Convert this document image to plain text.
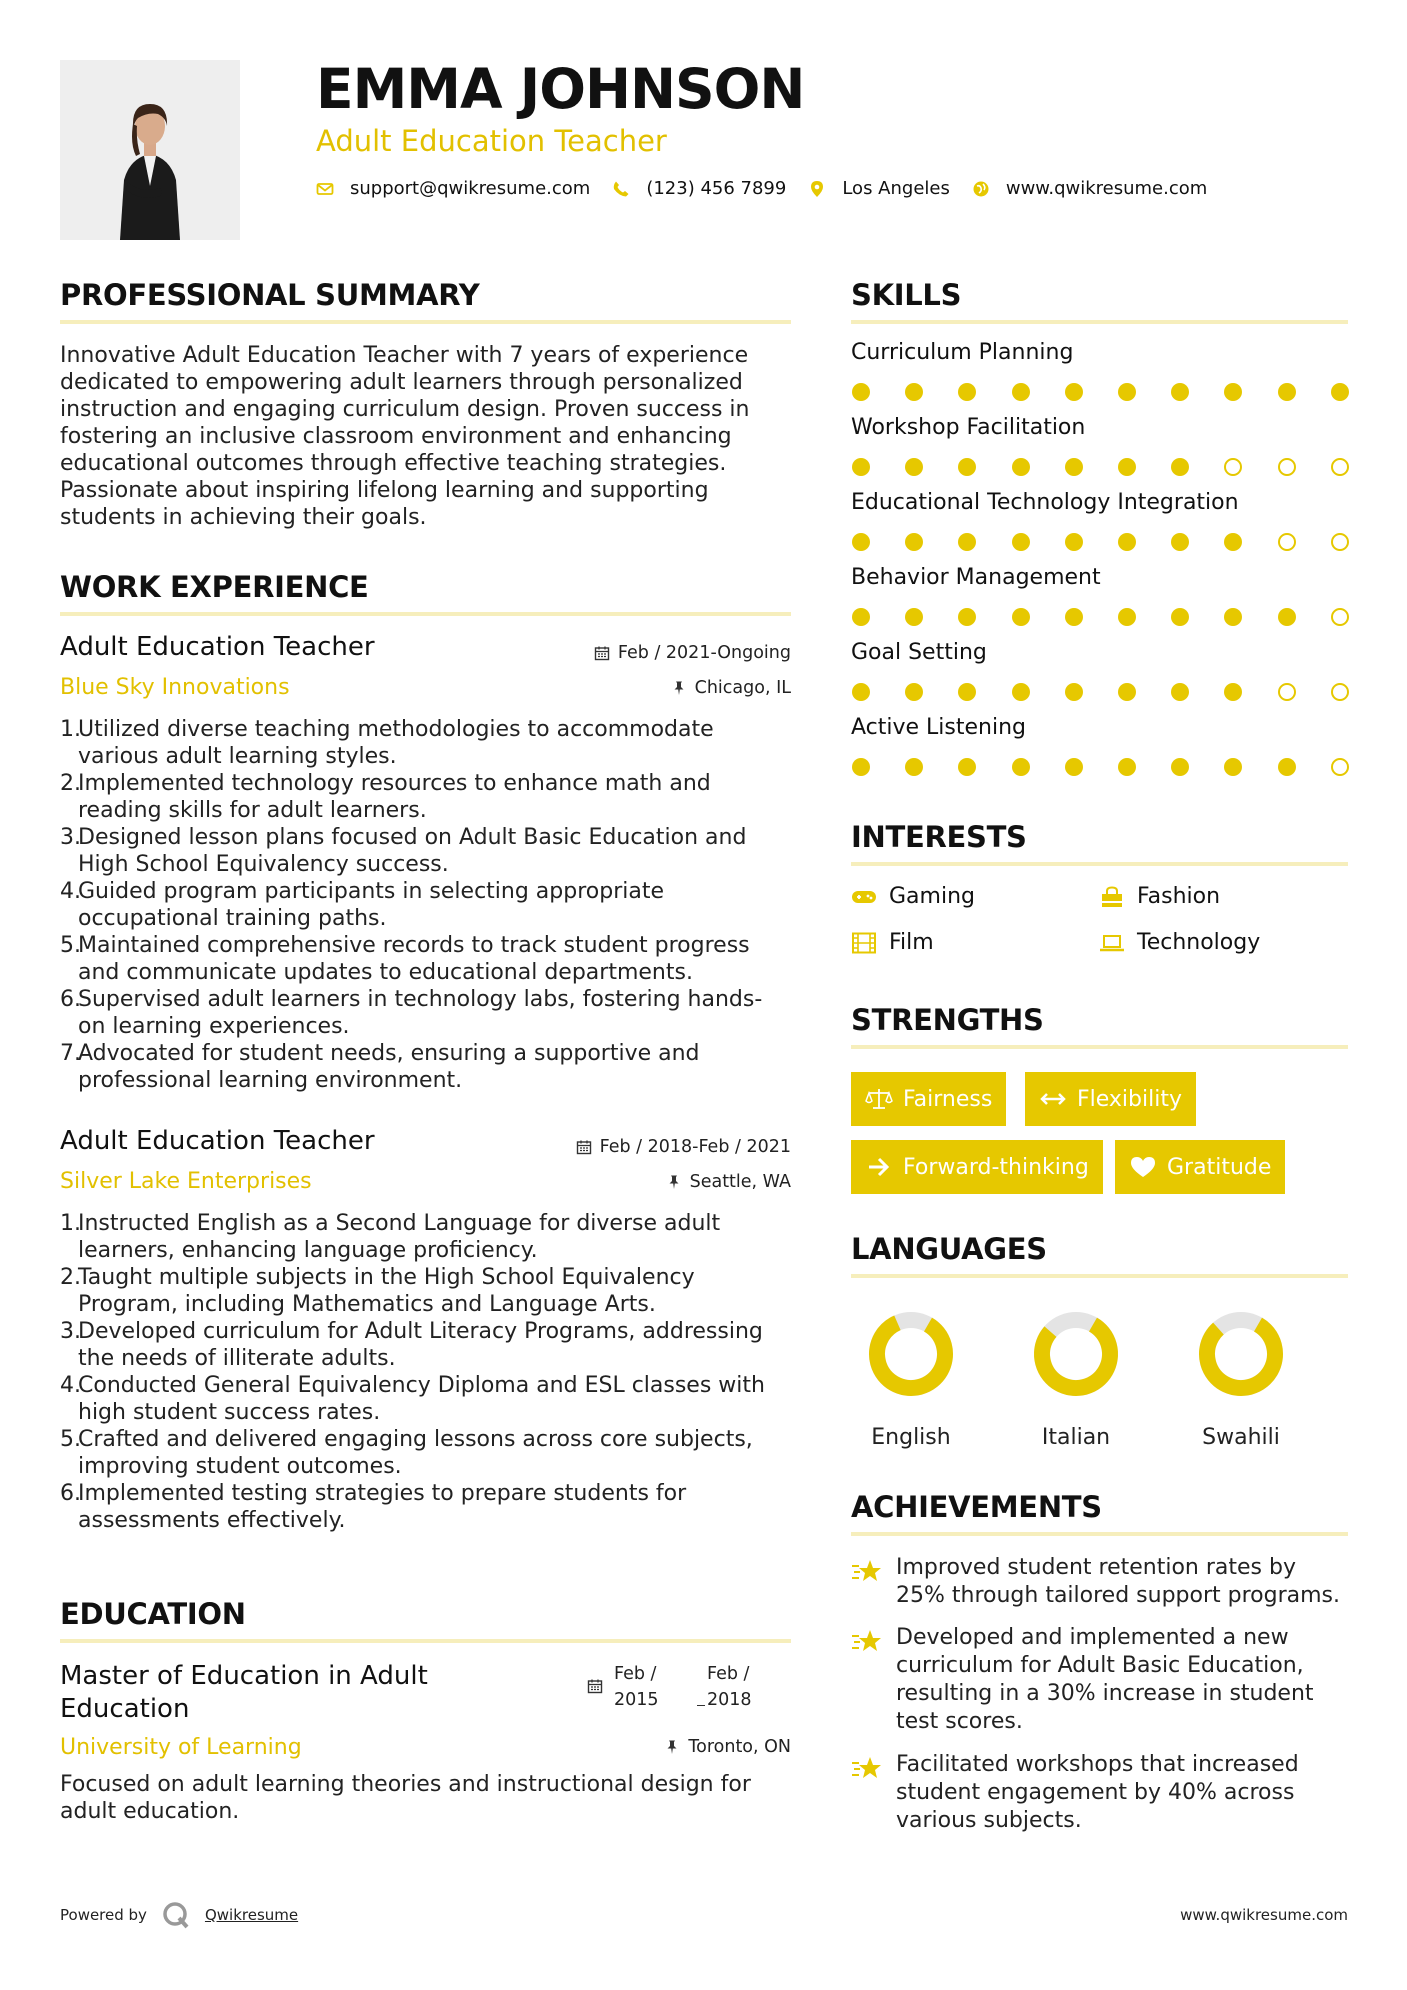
EMMA JOHNSON
Adult Education Teacher
support@qwikresume.com	(123) 456 7899	Los Angeles	www.qwikresume.com
PROFESSIONAL SUMMARY
Innovative Adult Education Teacher with 7 years of experience
dedicated to empowering adult learners through personalized
instruction and engaging curriculum design. Proven success in
fostering an inclusive classroom environment and enhancing
educational outcomes through effective teaching strategies.
Passionate about inspiring lifelong learning and supporting
students in achieving their goals.
WORK EXPERIENCE
Adult Education Teacher	Feb / 2021-Ongoing
Blue Sky Innovations	Chicago, IL
1.
Utilized diverse teaching methodologies to accommodate
various adult learning styles.
2.
Implemented technology resources to enhance math and
reading skills for adult learners.
3.
Designed lesson plans focused on Adult Basic Education and
High School Equivalency success.
4.
Guided program participants in selecting appropriate
occupational training paths.
5.
Maintained comprehensive records to track student progress
and communicate updates to educational departments.
6.
Supervised adult learners in technology labs, fostering hands-
on learning experiences.
7.
Advocated for student needs, ensuring a supportive and
professional learning environment.
Adult Education Teacher	Feb / 2018-Feb / 2021
Silver Lake Enterprises	Seattle, WA
1.
Instructed English as a Second Language for diverse adult
learners, enhancing language proficiency.
2.
Taught multiple subjects in the High School Equivalency
Program, including Mathematics and Language Arts.
3.
Developed curriculum for Adult Literacy Programs, addressing
the needs of illiterate adults.
4.
Conducted General Equivalency Diploma and ESL classes with
high student success rates.
5.
Crafted and delivered engaging lessons across core subjects,
improving student outcomes.
6.
Implemented testing strategies to prepare students for
assessments effectively.
EDUCATION
Master of Education in Adult
Education
Feb /
2015
Feb /
2018
University of Learning	Toronto, ON
Focused on adult learning theories and instructional design for
adult education.
SKILLS
Curriculum Planning
Workshop Facilitation
Educational Technology Integration
Behavior Management
Goal Setting
Active Listening
INTERESTS
Gaming	Fashion
Film	Technology
STRENGTHS
Fairness	Flexibility
Forward-thinking	Gratitude
LANGUAGES
English	Italian	Swahili
ACHIEVEMENTS
Improved student retention rates by
25% through tailored support programs.
Developed and implemented a new
curriculum for Adult Basic Education,
resulting in a 30% increase in student
test scores.
Facilitated workshops that increased
student engagement by 40% across
various subjects.
Powered by	Qwikresume	www.qwikresume.com
